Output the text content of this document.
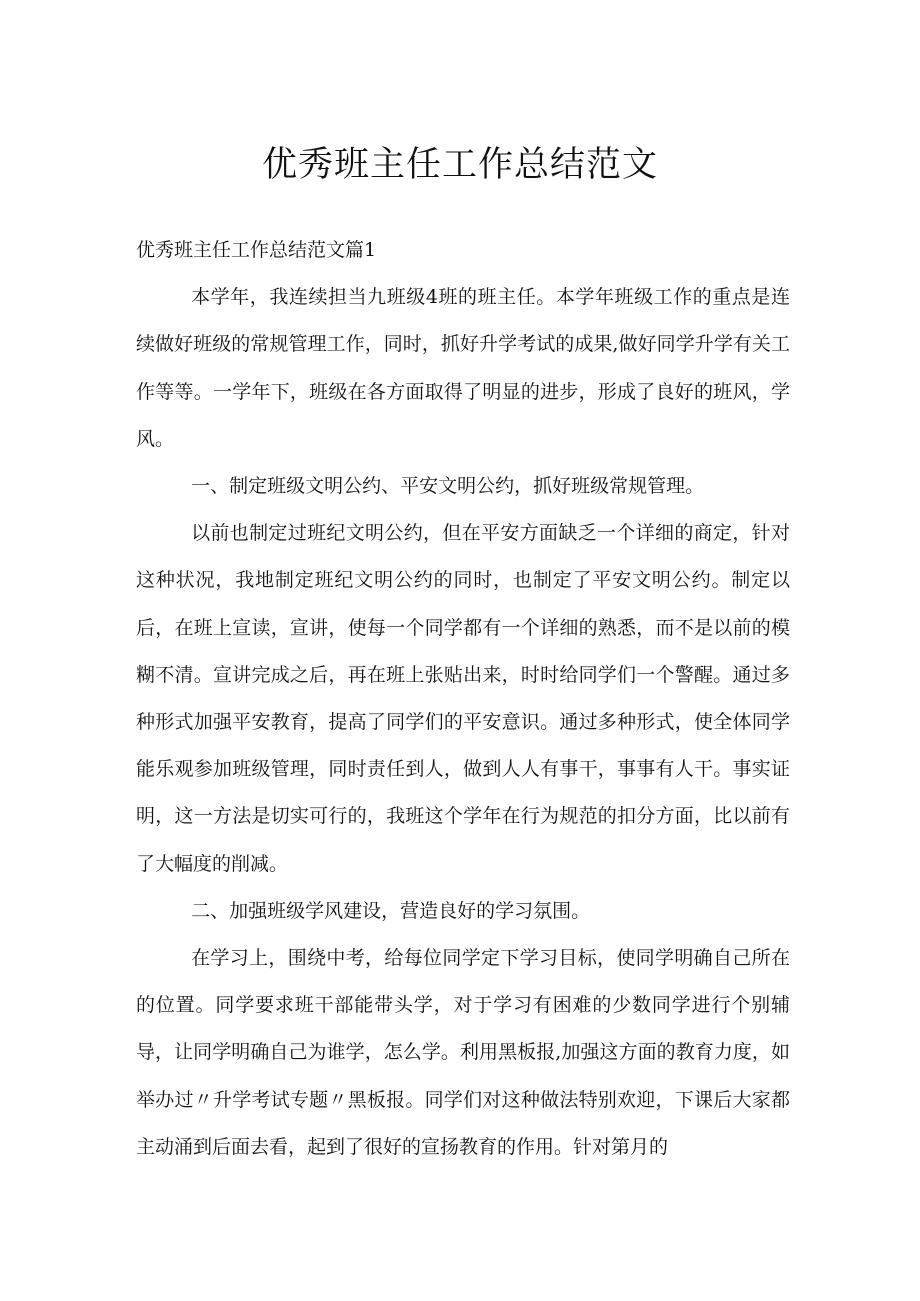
优秀班主任工作总结范文

优秀班主任工作总结范文篇1

本学年，我连续担当九班级4班的班主任。本学年班级工作的重点是连续做好班级的常规管理工作，同时，抓好升学考试的成果,做好同学升学有关工作等等。一学年下，班级在各方面取得了明显的进步，形成了良好的班风，学风。

一、制定班级文明公约、平安文明公约，抓好班级常规管理。

以前也制定过班纪文明公约，但在平安方面缺乏一个详细的商定，针对这种状况，我地制定班纪文明公约的同时，也制定了平安文明公约。制定以后，在班上宣读，宣讲，使每一个同学都有一个详细的熟悉，而不是以前的模糊不清。宣讲完成之后，再在班上张贴出来，时时给同学们一个警醒。通过多种形式加强平安教育，提高了同学们的平安意识。通过多种形式，使全体同学能乐观参加班级管理，同时责任到人，做到人人有事干，事事有人干。事实证明，这一方法是切实可行的，我班这个学年在行为规范的扣分方面，比以前有了大幅度的削减。

二、加强班级学风建设，营造良好的学习氛围。

在学习上，围绕中考，给每位同学定下学习目标，使同学明确自己所在的位置。同学要求班干部能带头学，对于学习有困难的少数同学进行个别辅导，让同学明确自己为谁学，怎么学。利用黑板报,加强这方面的教育力度，如举办过〃升学考试专题〃黑板报。同学们对这种做法特别欢迎，下课后大家都主动涌到后面去看，起到了很好的宣扬教育的作用。针对第月的
